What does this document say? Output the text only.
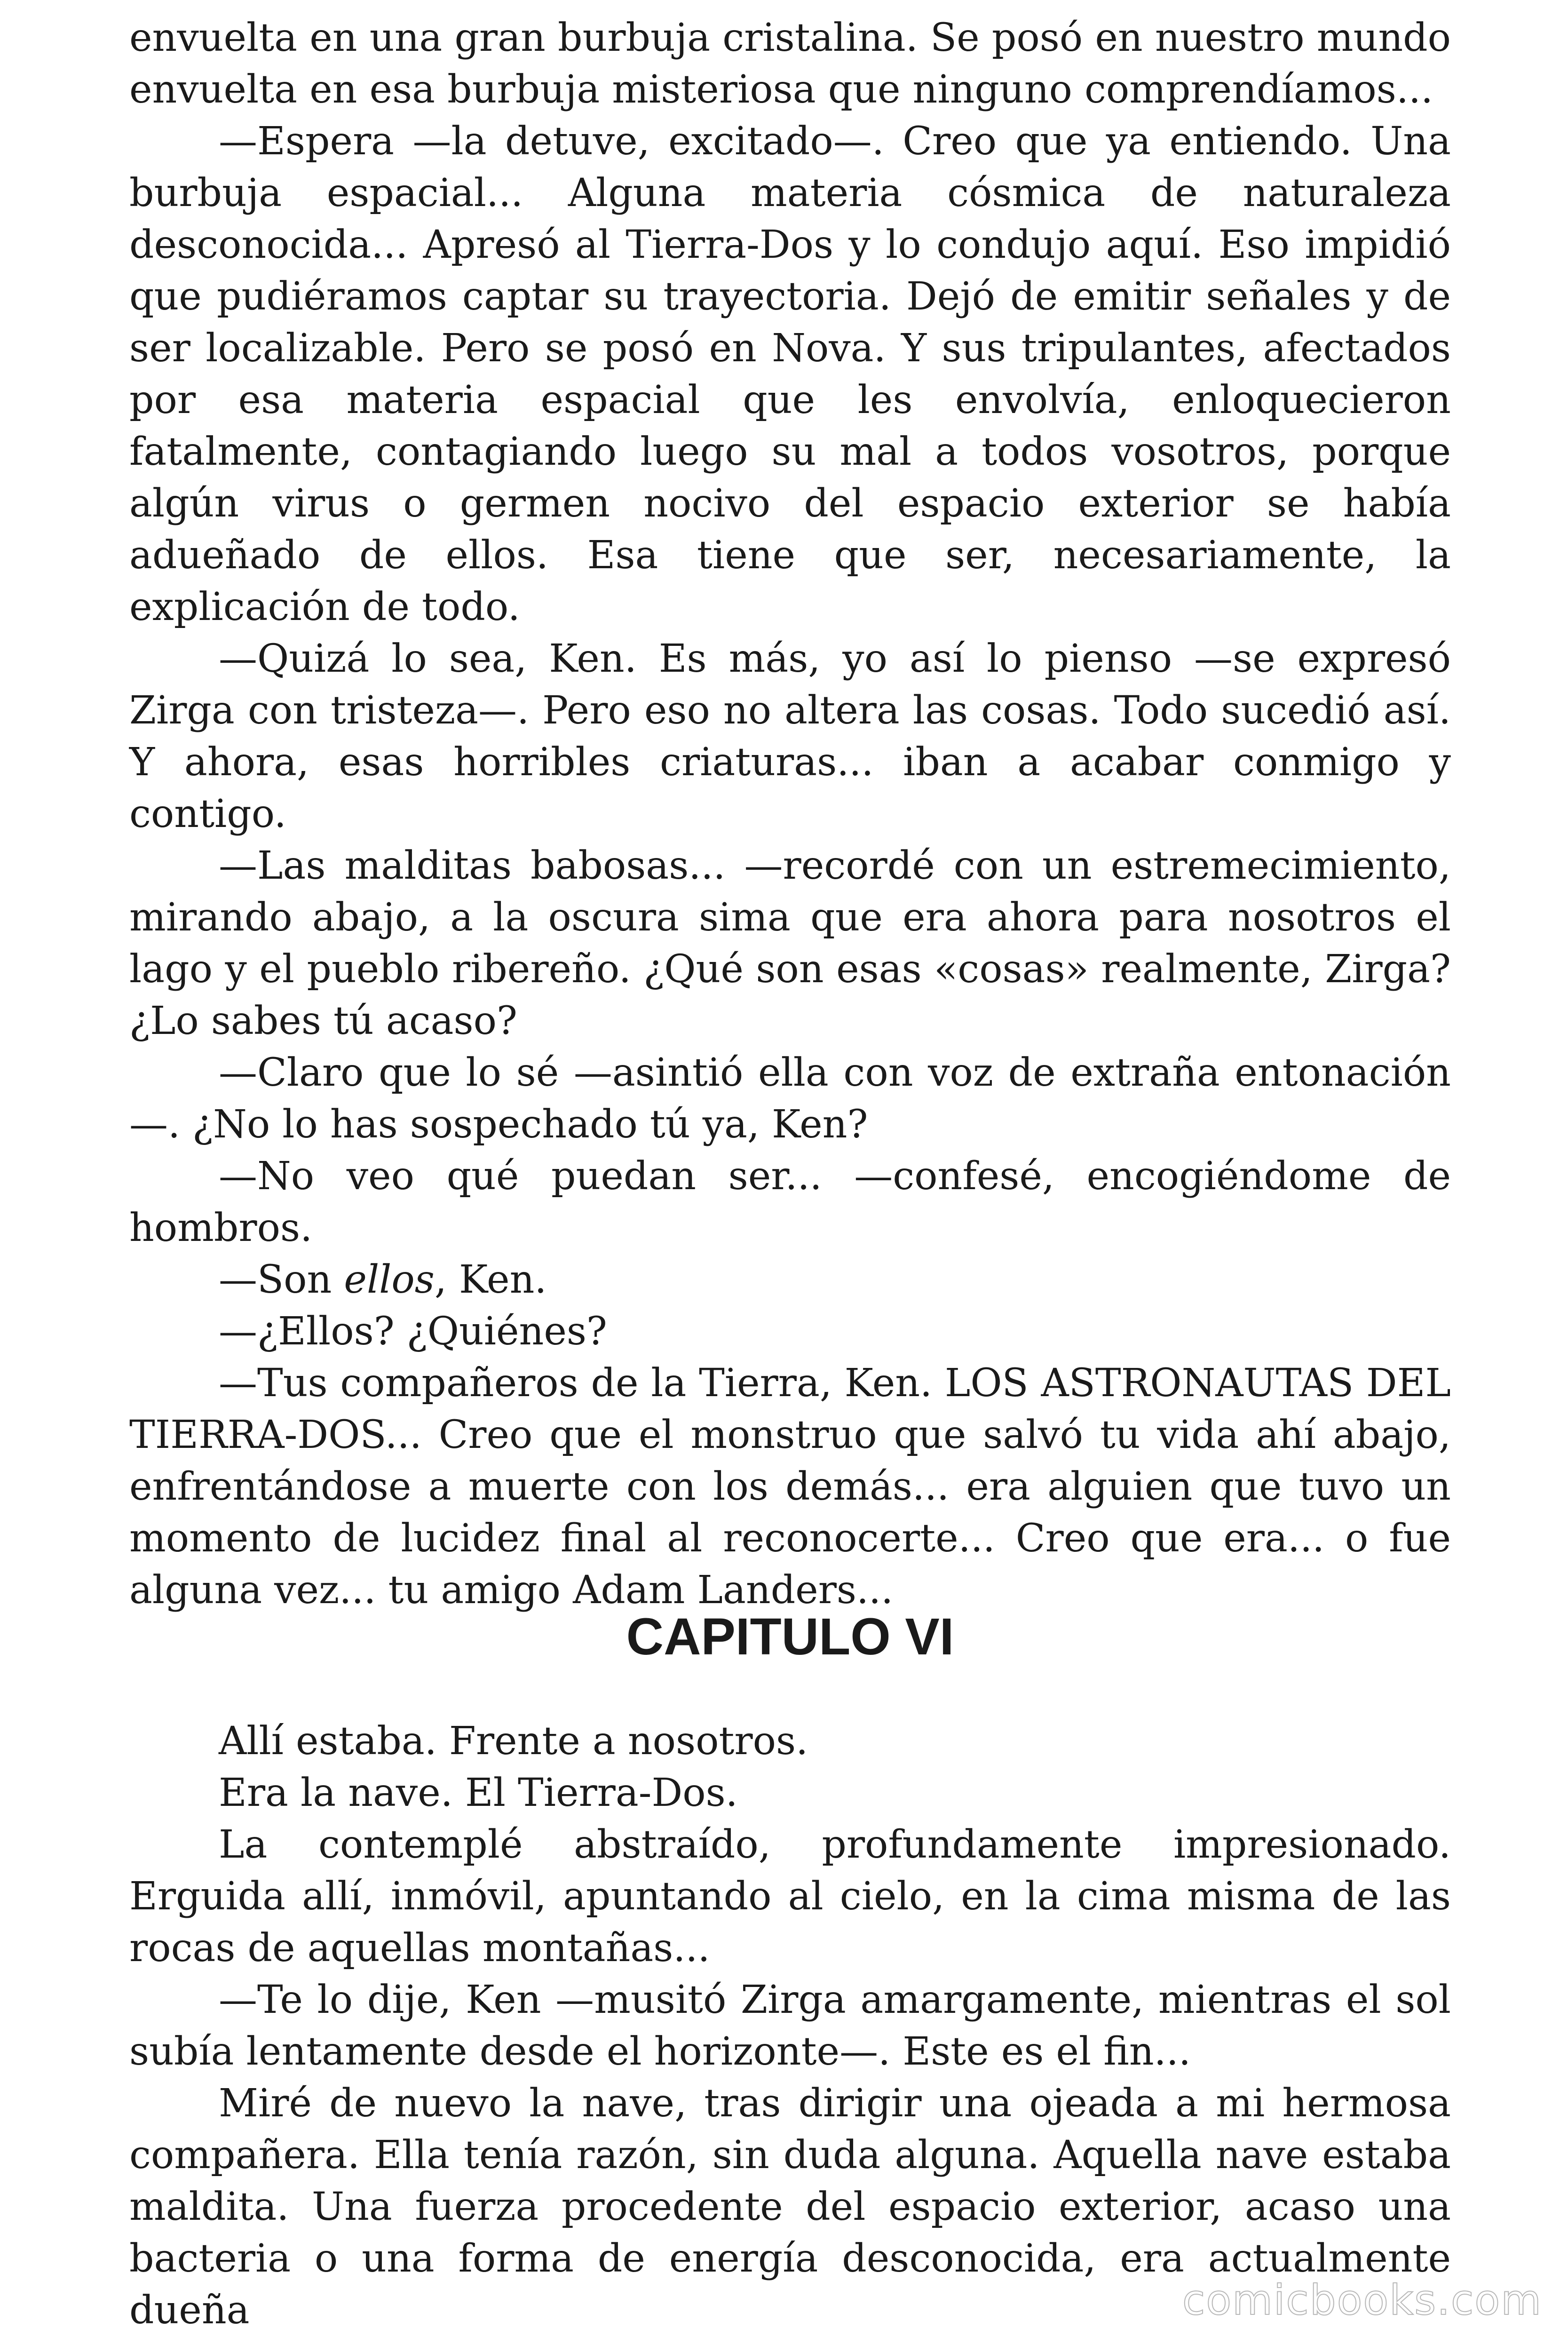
envuelta en una gran burbuja cristalina. Se posó en nuestro mundo envuelta en esa burbuja misteriosa que ninguno comprendíamos...

—Espera —la detuve, excitado—. Creo que ya entiendo. Una burbuja espacial... Alguna materia cósmica de naturaleza desconocida... Apresó al Tierra-Dos y lo condujo aquí. Eso impidió que pudiéramos captar su trayectoria. Dejó de emitir señales y de ser localizable. Pero se posó en Nova. Y sus tripulantes, afectados por esa materia espacial que les envolvía, enloquecieron fatalmente, contagiando luego su mal a todos vosotros, porque algún virus o germen nocivo del espacio exterior se había adueñado de ellos. Esa tiene que ser, necesariamente, la explicación de todo.

—Quizá lo sea, Ken. Es más, yo así lo pienso —se expresó Zirga con tristeza—. Pero eso no altera las cosas. Todo sucedió así. Y ahora, esas horribles criaturas... iban a acabar conmigo y contigo.

—Las malditas babosas... —recordé con un estremecimiento, mirando abajo, a la oscura sima que era ahora para nosotros el lago y el pueblo ribereño. ¿Qué son esas «cosas» realmente, Zirga? ¿Lo sabes tú acaso?

—Claro que lo sé —asintió ella con voz de extraña entonación —. ¿No lo has sospechado tú ya, Ken?

—No veo qué puedan ser... —confesé, encogiéndome de hombros.

—Son ellos, Ken.

—¿Ellos? ¿Quiénes?

—Tus compañeros de la Tierra, Ken. LOS ASTRONAUTAS DEL TIERRA-DOS... Creo que el monstruo que salvó tu vida ahí abajo, enfrentándose a muerte con los demás... era alguien que tuvo un momento de lucidez final al reconocerte... Creo que era... o fue alguna vez... tu amigo Adam Landers...

CAPITULO VI

Allí estaba. Frente a nosotros.

Era la nave. El Tierra-Dos.

La contemplé abstraído, profundamente impresionado. Erguida allí, inmóvil, apuntando al cielo, en la cima misma de las rocas de aquellas montañas...

—Te lo dije, Ken —musitó Zirga amargamente, mientras el sol subía lentamente desde el horizonte—. Este es el fin...

Miré de nuevo la nave, tras dirigir una ojeada a mi hermosa compañera. Ella tenía razón, sin duda alguna. Aquella nave estaba maldita. Una fuerza procedente del espacio exterior, acaso una bacteria o una forma de energía desconocida, era actualmente dueña	comicbooks.com
